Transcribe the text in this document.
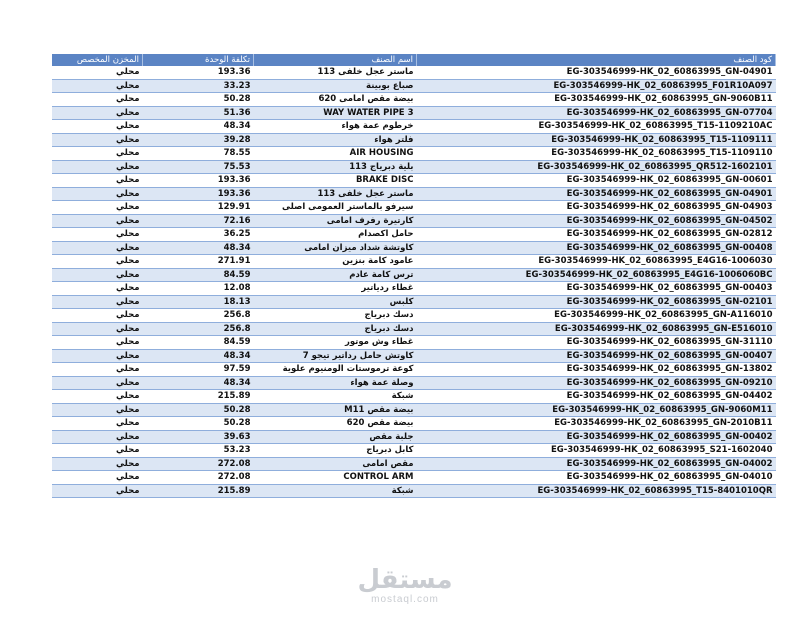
المخزن المخصص	تكلفة الوحدة	اسم الصنف	كود الصنف
محلي	193.36	ماستر عجل خلفى 113	EG-303546999-HK_02_60863995_GN-04901
محلي	33.23	صباع بوبينة	EG-303546999-HK_02_60863995_F01R10A097
محلي	50.28	بيضة مقص امامى 620	EG-303546999-HK_02_60863995_GN-9060B11
محلي	51.36	3 WAY WATER PIPE	EG-303546999-HK_02_60863995_GN-07704
محلي	48.34	خرطوم عمة هواء	EG-303546999-HK_02_60863995_T15-1109210AC
محلي	39.28	فلتر هواء	EG-303546999-HK_02_60863995_T15-1109111
محلي	78.55	AIR HOUSING	EG-303546999-HK_02_60863995_T15-1109110
محلي	75.53	بلية دبرياج 113	EG-303546999-HK_02_60863995_QR512-1602101
محلي	193.36	BRAKE DISC	EG-303546999-HK_02_60863995_GN-00601
محلي	193.36	ماستر عجل خلفى 113	EG-303546999-HK_02_60863995_GN-04901
محلي	129.91	سيرفو بالماستر العمومى اصلى	EG-303546999-HK_02_60863995_GN-04903
محلي	72.16	كارتيرة رفرف امامى	EG-303546999-HK_02_60863995_GN-04502
محلي	36.25	حامل اكصدام	EG-303546999-HK_02_60863995_GN-02812
محلي	48.34	كاوتشة شداد ميزان امامى	EG-303546999-HK_02_60863995_GN-00408
محلي	271.91	عامود كامة بنزين	EG-303546999-HK_02_60863995_E4G16-1006030
محلي	84.59	ترس كامة عادم	EG-303546999-HK_02_60863995_E4G16-1006060BC
محلي	12.08	غطاء ردياتير	EG-303546999-HK_02_60863995_GN-00403
محلي	18.13	كلبس	EG-303546999-HK_02_60863995_GN-02101
محلي	256.8	دسك دبرياج	EG-303546999-HK_02_60863995_GN-A116010
محلي	256.8	دسك دبرياج	EG-303546999-HK_02_60863995_GN-E516010
محلي	84.59	غطاء وش موتور	EG-303546999-HK_02_60863995_GN-31110
محلي	48.34	كاوتش حامل رداتير تيجو 7	EG-303546999-HK_02_60863995_GN-00407
محلي	97.59	كوعة ترموستات الومنيوم علوية	EG-303546999-HK_02_60863995_GN-13802
محلي	48.34	وصلة عمة هواء	EG-303546999-HK_02_60863995_GN-09210
محلي	215.89	شبكة	EG-303546999-HK_02_60863995_GN-04402
محلي	50.28	بيضة مقص M11	EG-303546999-HK_02_60863995_GN-9060M11
محلي	50.28	بيضة مقص 620	EG-303546999-HK_02_60863995_GN-2010B11
محلي	39.63	جلبة مقص	EG-303546999-HK_02_60863995_GN-00402
محلي	53.23	كابل دبرياج	EG-303546999-HK_02_60863995_S21-1602040
محلي	272.08	مقص امامى	EG-303546999-HK_02_60863995_GN-04002
محلي	272.08	CONTROL ARM	EG-303546999-HK_02_60863995_GN-04010
محلي	215.89	شبكة	EG-303546999-HK_02_60863995_T15-8401010QR
مستقل
mostaql.com
